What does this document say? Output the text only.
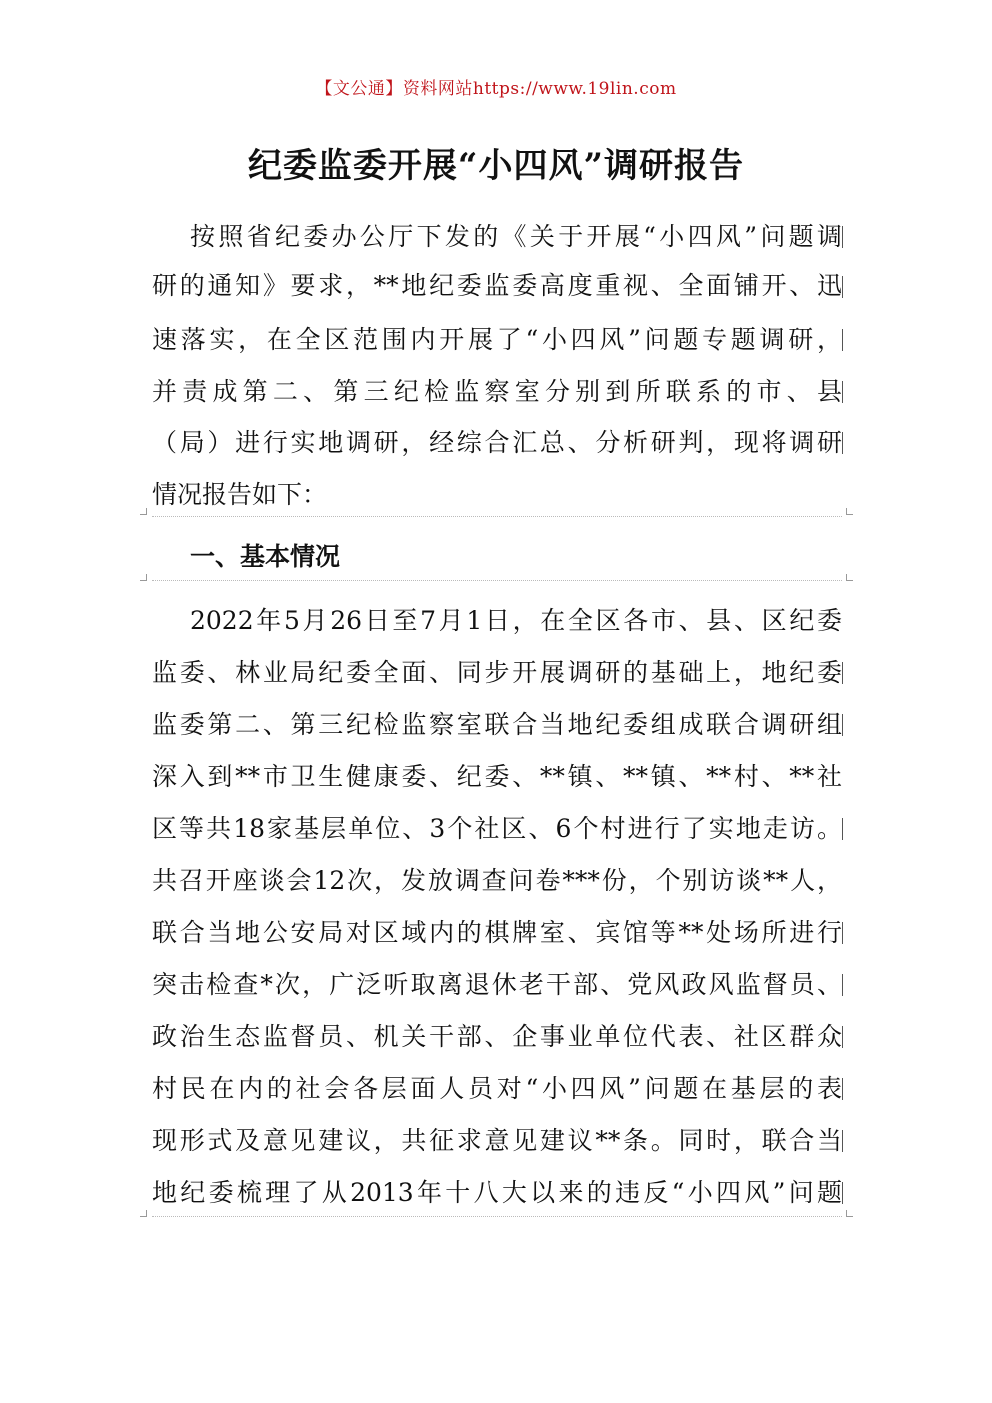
【文公通】资料网站https://www.19lin.com
纪委监委开展“小四风”调研报告
按照省纪委办公厅下发的《关于开展“小四风”问题调
研的通知》要求，**地纪委监委高度重视、全面铺开、迅
速落实，在全区范围内开展了“小四风”问题专题调研，
并责成第二、第三纪检监察室分别到所联系的市、县
（局）进行实地调研，经综合汇总、分析研判，现将调研
情况报告如下：
一、基本情况
2022年5月26日至7月1日，在全区各市、县、区纪委
监委、林业局纪委全面、同步开展调研的基础上，地纪委
监委第二、第三纪检监察室联合当地纪委组成联合调研组
深入到**市卫生健康委、纪委、**镇、**镇、**村、**社
区等共18家基层单位、3个社区、6个村进行了实地走访。
共召开座谈会12次，发放调查问卷***份，个别访谈**人，
联合当地公安局对区域内的棋牌室、宾馆等**处场所进行
突击检查*次，广泛听取离退休老干部、党风政风监督员、
政治生态监督员、机关干部、企事业单位代表、社区群众
村民在内的社会各层面人员对“小四风”问题在基层的表
现形式及意见建议，共征求意见建议**条。同时，联合当
地纪委梳理了从2013年十八大以来的违反“小四风”问题
